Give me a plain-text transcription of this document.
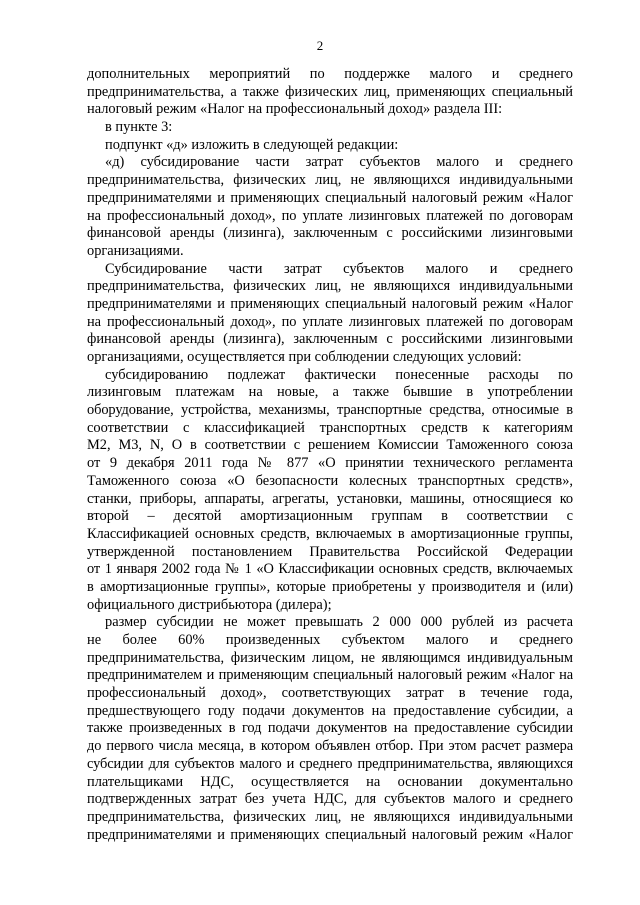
2
дополнительных мероприятий по поддержке малого и среднего
предпринимательства, а также физических лиц, применяющих специальный
налоговый режим «Налог на профессиональный доход» раздела III:
в пункте 3:
подпункт «д» изложить в следующей редакции:
«д) субсидирование части затрат субъектов малого и среднего
предпринимательства, физических лиц, не являющихся индивидуальными
предпринимателями и применяющих специальный налоговый режим «Налог
на профессиональный доход», по уплате лизинговых платежей по договорам
финансовой аренды (лизинга), заключенным с российскими лизинговыми
организациями.
Субсидирование части затрат субъектов малого и среднего
предпринимательства, физических лиц, не являющихся индивидуальными
предпринимателями и применяющих специальный налоговый режим «Налог
на профессиональный доход», по уплате лизинговых платежей по договорам
финансовой аренды (лизинга), заключенным с российскими лизинговыми
организациями, осуществляется при соблюдении следующих условий:
субсидированию подлежат фактически понесенные расходы по
лизинговым платежам на новые, а также бывшие в употреблении
оборудование, устройства, механизмы, транспортные средства, относимые в
соответствии с классификацией транспортных средств к категориям
М2, М3, N, О в соответствии с решением Комиссии Таможенного союза
от 9 декабря 2011 года № 877 «О принятии технического регламента
Таможенного союза «О безопасности колесных транспортных средств»,
станки, приборы, аппараты, агрегаты, установки, машины, относящиеся ко
второй – десятой амортизационным группам в соответствии с
Классификацией основных средств, включаемых в амортизационные группы,
утвержденной постановлением Правительства Российской Федерации
от 1 января 2002 года № 1 «О Классификации основных средств, включаемых
в амортизационные группы», которые приобретены у производителя и (или)
официального дистрибьютора (дилера);
размер субсидии не может превышать 2 000 000 рублей из расчета
не более 60% произведенных субъектом малого и среднего
предпринимательства, физическим лицом, не являющимся индивидуальным
предпринимателем и применяющим специальный налоговый режим «Налог на
профессиональный доход», соответствующих затрат в течение года,
предшествующего году подачи документов на предоставление субсидии, а
также произведенных в год подачи документов на предоставление субсидии
до первого числа месяца, в котором объявлен отбор. При этом расчет размера
субсидии для субъектов малого и среднего предпринимательства, являющихся
плательщиками НДС, осуществляется на основании документально
подтвержденных затрат без учета НДС, для субъектов малого и среднего
предпринимательства, физических лиц, не являющихся индивидуальными
предпринимателями и применяющих специальный налоговый режим «Налог
